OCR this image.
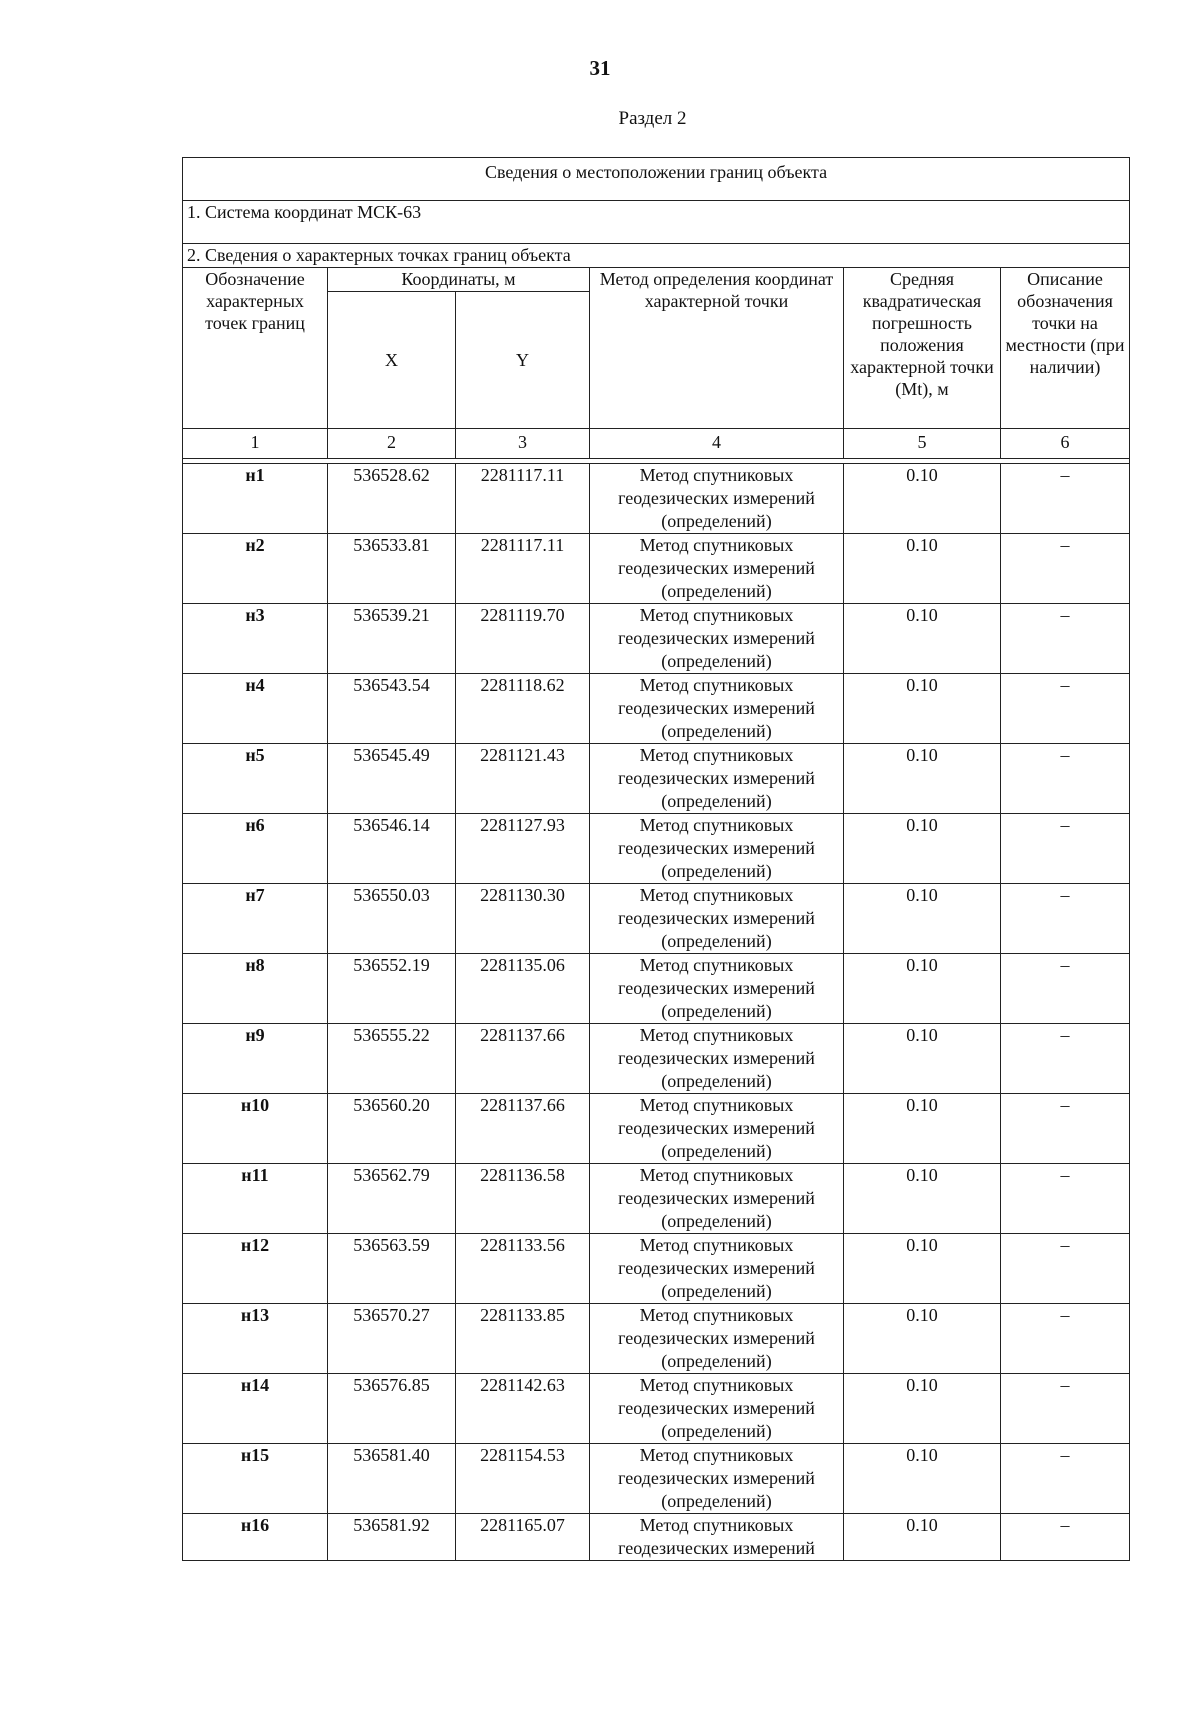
31
Раздел 2
Сведения о местоположении границ объекта					
1. Система координат МСК-63					
2. Сведения о характерных точках границ объекта					
Обозначение характерных точек границ	Координаты, м		Метод определения координат характерной точки	Средняя квадратическая погрешность положения характерной точки (Mt), м	Описание обозначения точки на местности (при наличии)
	X	Y			
1	2	3	4	5	6

н1	536528.62	2281117.11	Метод спутниковых геодезических измерений (определений)	0.10	–
н2	536533.81	2281117.11	Метод спутниковых геодезических измерений (определений)	0.10	–
н3	536539.21	2281119.70	Метод спутниковых геодезических измерений (определений)	0.10	–
н4	536543.54	2281118.62	Метод спутниковых геодезических измерений (определений)	0.10	–
н5	536545.49	2281121.43	Метод спутниковых геодезических измерений (определений)	0.10	–
н6	536546.14	2281127.93	Метод спутниковых геодезических измерений (определений)	0.10	–
н7	536550.03	2281130.30	Метод спутниковых геодезических измерений (определений)	0.10	–
н8	536552.19	2281135.06	Метод спутниковых геодезических измерений (определений)	0.10	–
н9	536555.22	2281137.66	Метод спутниковых геодезических измерений (определений)	0.10	–
н10	536560.20	2281137.66	Метод спутниковых геодезических измерений (определений)	0.10	–
н11	536562.79	2281136.58	Метод спутниковых геодезических измерений (определений)	0.10	–
н12	536563.59	2281133.56	Метод спутниковых геодезических измерений (определений)	0.10	–
н13	536570.27	2281133.85	Метод спутниковых геодезических измерений (определений)	0.10	–
н14	536576.85	2281142.63	Метод спутниковых геодезических измерений (определений)	0.10	–
н15	536581.40	2281154.53	Метод спутниковых геодезических измерений (определений)	0.10	–
н16	536581.92	2281165.07	Метод спутниковых геодезических измерений	0.10	–
